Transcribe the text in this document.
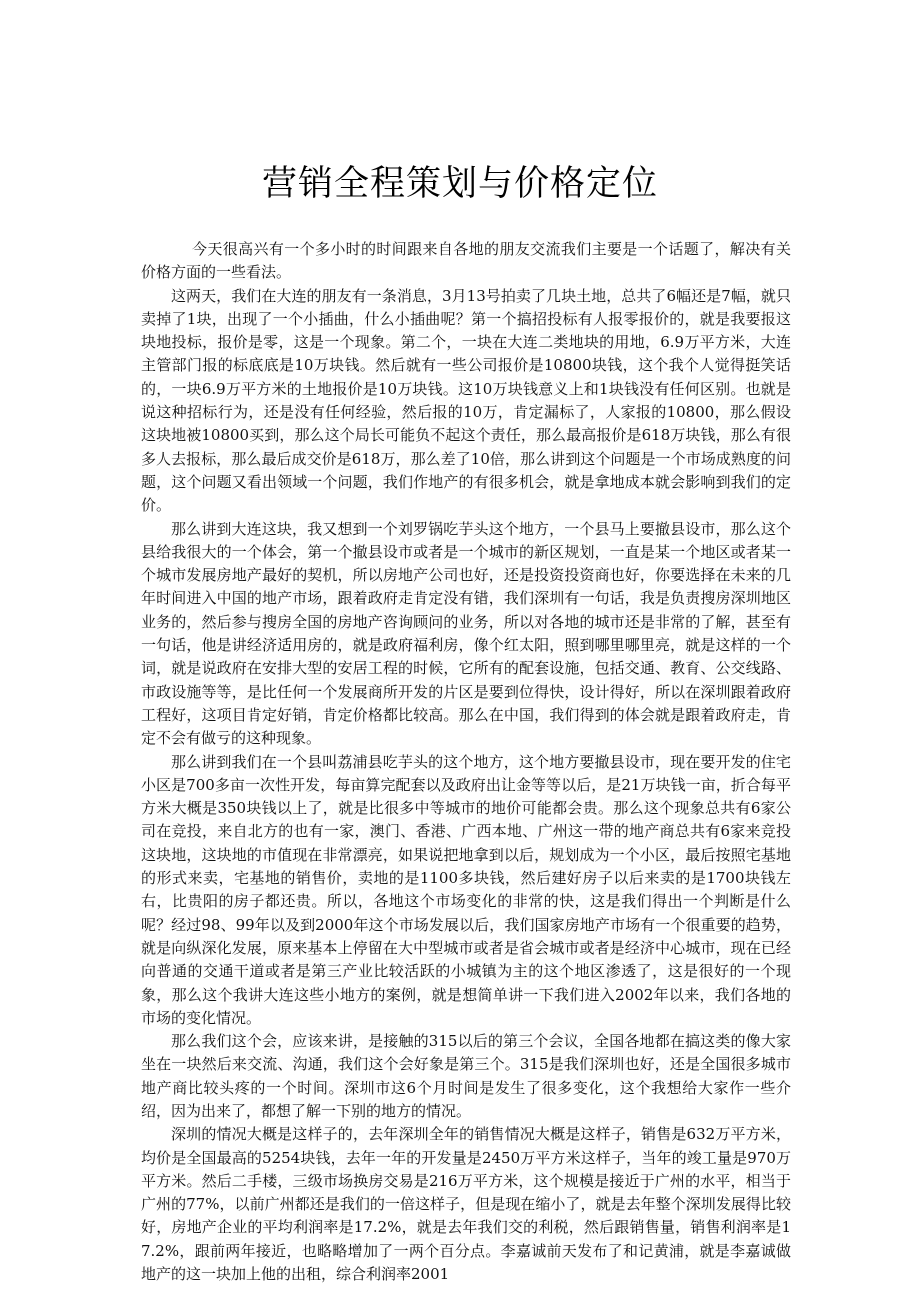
营销全程策划与价格定位

今天很高兴有一个多小时的时间跟来自各地的朋友交流我们主要是一个话题了，解决有关价格方面的一些看法。

这两天，我们在大连的朋友有一条消息，3月13号拍卖了几块土地，总共了6幅还是7幅，就只卖掉了1块，出现了一个小插曲，什么小插曲呢？第一个搞招投标有人报零报价的，就是我要报这块地投标，报价是零，这是一个现象。第二个，一块在大连二类地块的用地，6.9万平方米，大连主管部门报的标底底是10万块钱。然后就有一些公司报价是10800块钱，这个我个人觉得挺笑话的，一块6.9万平方米的土地报价是10万块钱。这10万块钱意义上和1块钱没有任何区别。也就是说这种招标行为，还是没有任何经验，然后报的10万，肯定漏标了，人家报的10800，那么假设这块地被10800买到，那么这个局长可能负不起这个责任，那么最高报价是618万块钱，那么有很多人去报标，那么最后成交价是618万，那么差了10倍，那么讲到这个问题是一个市场成熟度的问题，这个问题又看出领域一个问题，我们作地产的有很多机会，就是拿地成本就会影响到我们的定价。

那么讲到大连这块，我又想到一个刘罗锅吃芋头这个地方，一个县马上要撤县设市，那么这个县给我很大的一个体会，第一个撤县设市或者是一个城市的新区规划，一直是某一个地区或者某一个城市发展房地产最好的契机，所以房地产公司也好，还是投资投资商也好，你要选择在未来的几年时间进入中国的地产市场，跟着政府走肯定没有错，我们深圳有一句话，我是负责搜房深圳地区业务的，然后参与搜房全国的房地产咨询顾问的业务，所以对各地的城市还是非常的了解，甚至有一句话，他是讲经济适用房的，就是政府福利房，像个红太阳，照到哪里哪里亮，就是这样的一个词，就是说政府在安排大型的安居工程的时候，它所有的配套设施，包括交通、教育、公交线路、市政设施等等，是比任何一个发展商所开发的片区是要到位得快，设计得好，所以在深圳跟着政府工程好，这项目肯定好销，肯定价格都比较高。那么在中国，我们得到的体会就是跟着政府走，肯定不会有做亏的这种现象。

那么讲到我们在一个县叫荔浦县吃芋头的这个地方，这个地方要撤县设市，现在要开发的住宅小区是700多亩一次性开发，每亩算完配套以及政府出让金等等以后，是21万块钱一亩，折合每平方米大概是350块钱以上了，就是比很多中等城市的地价可能都会贵。那么这个现象总共有6家公司在竞投，来自北方的也有一家，澳门、香港、广西本地、广州这一带的地产商总共有6家来竞投这块地，这块地的市值现在非常漂亮，如果说把地拿到以后，规划成为一个小区，最后按照宅基地的形式来卖，宅基地的销售价，卖地的是1100多块钱，然后建好房子以后来卖的是1700块钱左右，比贵阳的房子都还贵。所以，各地这个市场变化的非常的快，这是我们得出一个判断是什么呢？经过98、99年以及到2000年这个市场发展以后，我们国家房地产市场有一个很重要的趋势，就是向纵深化发展，原来基本上停留在大中型城市或者是省会城市或者是经济中心城市，现在已经向普通的交通干道或者是第三产业比较活跃的小城镇为主的这个地区渗透了，这是很好的一个现象，那么这个我讲大连这些小地方的案例，就是想简单讲一下我们进入2002年以来，我们各地的市场的变化情况。

那么我们这个会，应该来讲，是接触的315以后的第三个会议，全国各地都在搞这类的像大家坐在一块然后来交流、沟通，我们这个会好象是第三个。315是我们深圳也好，还是全国很多城市地产商比较头疼的一个时间。深圳市这6个月时间是发生了很多变化，这个我想给大家作一些介绍，因为出来了，都想了解一下别的地方的情况。

深圳的情况大概是这样子的，去年深圳全年的销售情况大概是这样子，销售是632万平方米，均价是全国最高的5254块钱，去年一年的开发量是2450万平方米这样子，当年的竣工量是970万平方米。然后二手楼，三级市场换房交易是216万平方米，这个规模是接近于广州的水平，相当于广州的77%，以前广州都还是我们的一倍这样子，但是现在缩小了，就是去年整个深圳发展得比较好，房地产企业的平均利润率是17.2%，就是去年我们交的利税，然后跟销售量，销售利润率是17.2%，跟前两年接近，也略略增加了一两个百分点。李嘉诚前天发布了和记黄浦，就是李嘉诚做地产的这一块加上他的出租，综合利润率2001
